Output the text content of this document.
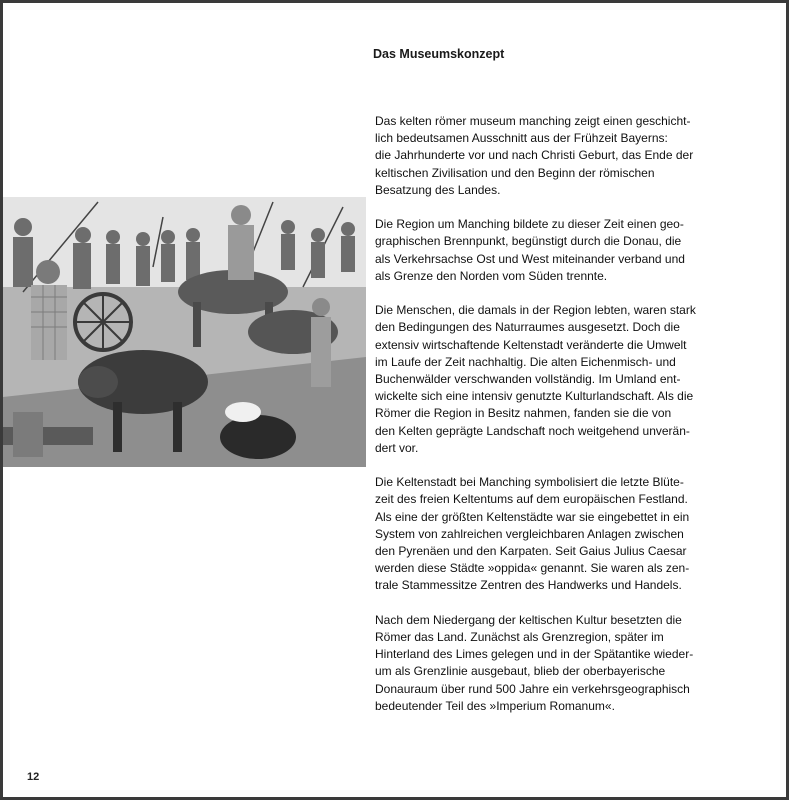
Das Museumskonzept

Das kelten römer museum manching zeigt einen geschicht-
lich bedeutsamen Ausschnitt aus der Frühzeit Bayerns:
die Jahrhunderte vor und nach Christi Geburt, das Ende der
keltischen Zivilisation und den Beginn der römischen
Besatzung des Landes.

Die Region um Manching bildete zu dieser Zeit einen geo-
graphischen Brennpunkt, begünstigt durch die Donau, die
als Verkehrsachse Ost und West miteinander verband und
als Grenze den Norden vom Süden trennte.

Die Menschen, die damals in der Region lebten, waren stark
den Bedingungen des Naturraumes ausgesetzt. Doch die
extensiv wirtschaftende Keltenstadt veränderte die Umwelt
im Laufe der Zeit nachhaltig. Die alten Eichenmisch- und
Buchenwälder verschwanden vollständig. Im Umland ent-
wickelte sich eine intensiv genutzte Kulturlandschaft. Als die
Römer die Region in Besitz nahmen, fanden sie die von
den Kelten geprägte Landschaft noch weitgehend unverän-
dert vor.

Die Keltenstadt bei Manching symbolisiert die letzte Blüte-
zeit des freien Keltentums auf dem europäischen Festland.
Als eine der größten Keltenstädte war sie eingebettet in ein
System von zahlreichen vergleichbaren Anlagen zwischen
den Pyrenäen und den Karpaten. Seit Gaius Julius Caesar
werden diese Städte »oppida« genannt. Sie waren als zen-
trale Stammessitze Zentren des Handwerks und Handels.

Nach dem Niedergang der keltischen Kultur besetzten die
Römer das Land. Zunächst als Grenzregion, später im
Hinterland des Limes gelegen und in der Spätantike wieder-
um als Grenzlinie ausgebaut, blieb der oberbayerische
Donauraum über rund 500 Jahre ein verkehrsgeographisch
bedeutender Teil des »Imperium Romanum«.

12
